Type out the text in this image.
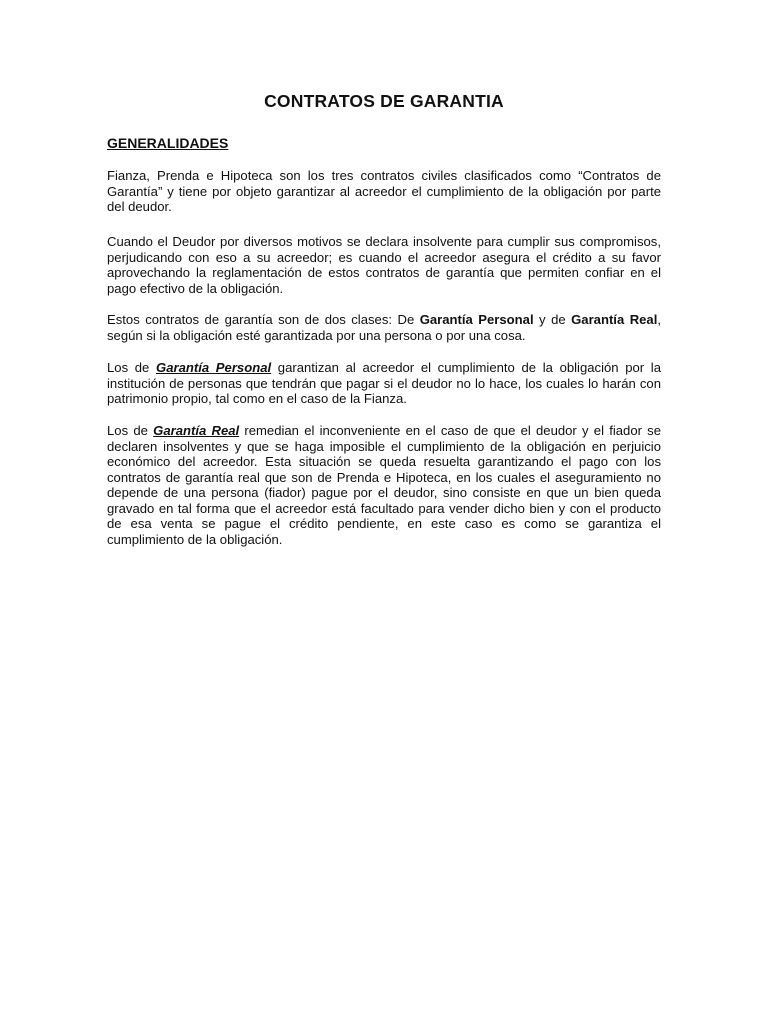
CONTRATOS DE GARANTIA
GENERALIDADES

Fianza, Prenda e Hipoteca son los tres contratos civiles clasificados como “Contratos de Garantía” y tiene por objeto garantizar al acreedor el cumplimiento de la obligación por parte del deudor.

Cuando el Deudor por diversos motivos se declara insolvente para cumplir sus compromisos, perjudicando con eso a su acreedor; es cuando el acreedor asegura el crédito a su favor aprovechando la reglamentación de estos contratos de garantía que permiten confiar en el pago efectivo de la obligación.

Estos contratos de garantía son de dos clases: De Garantía Personal y de Garantía Real, según si la obligación esté garantizada por una persona o por una cosa.

Los de Garantía Personal garantizan al acreedor el cumplimiento de la obligación por la institución de personas que tendrán que pagar si el deudor no lo hace, los cuales lo harán con patrimonio propio, tal como en el caso de la Fianza.

Los de Garantía Real remedian el inconveniente en el caso de que el deudor y el fiador se declaren insolventes y que se haga imposible el cumplimiento de la obligación en perjuicio económico del acreedor. Esta situación se queda resuelta garantizando el pago con los contratos de garantía real que son de Prenda e Hipoteca, en los cuales el aseguramiento no depende de una persona (fiador) pague por el deudor, sino consiste en que un bien queda gravado en tal forma que el acreedor está facultado para vender dicho bien y con el producto de esa venta se pague el crédito pendiente, en este caso es como se garantiza el cumplimiento de la obligación.
